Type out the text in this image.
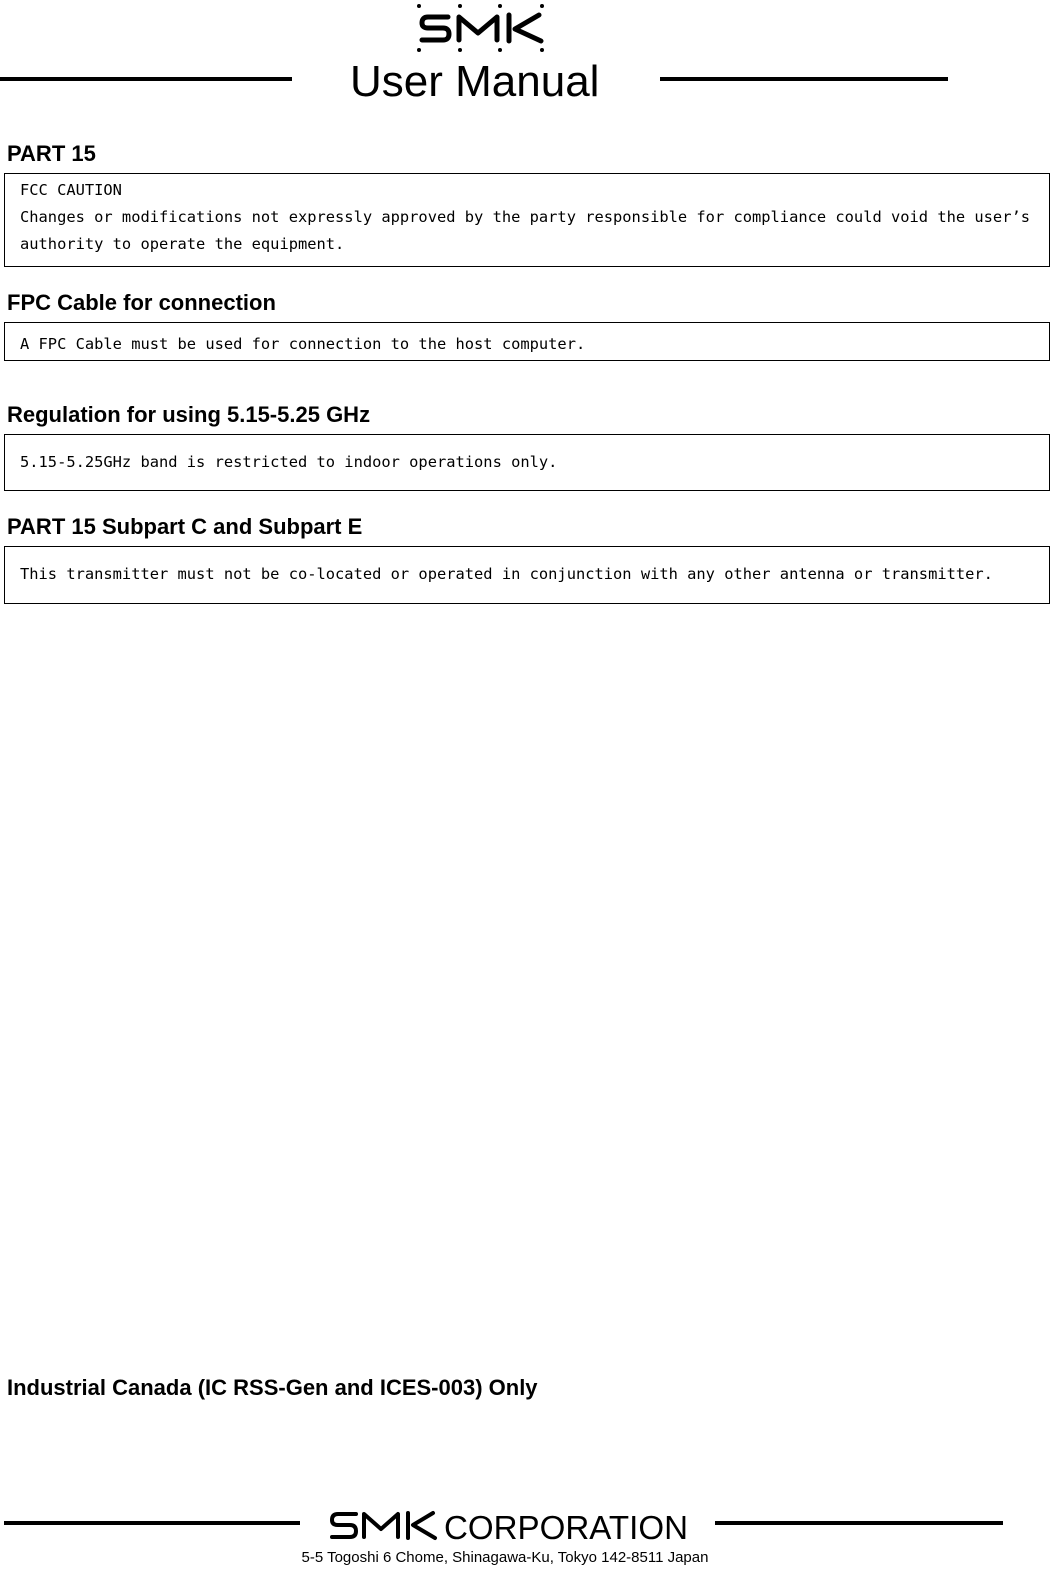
User Manual
PART 15
FCC CAUTION
Changes or modifications not expressly approved by the party responsible for compliance could void the user’s
authority to operate the equipment.
FPC Cable for connection
A FPC Cable must be used for connection to the host computer.
Regulation for using 5.15-5.25 GHz
5.15-5.25GHz band is restricted to indoor operations only.
PART 15 Subpart C and Subpart E
This transmitter must not be co-located or operated in conjunction with any other antenna or transmitter.
Industrial Canada (IC RSS-Gen and ICES-003) Only
CORPORATION
5-5 Togoshi 6 Chome, Shinagawa-Ku, Tokyo 142-8511 Japan
